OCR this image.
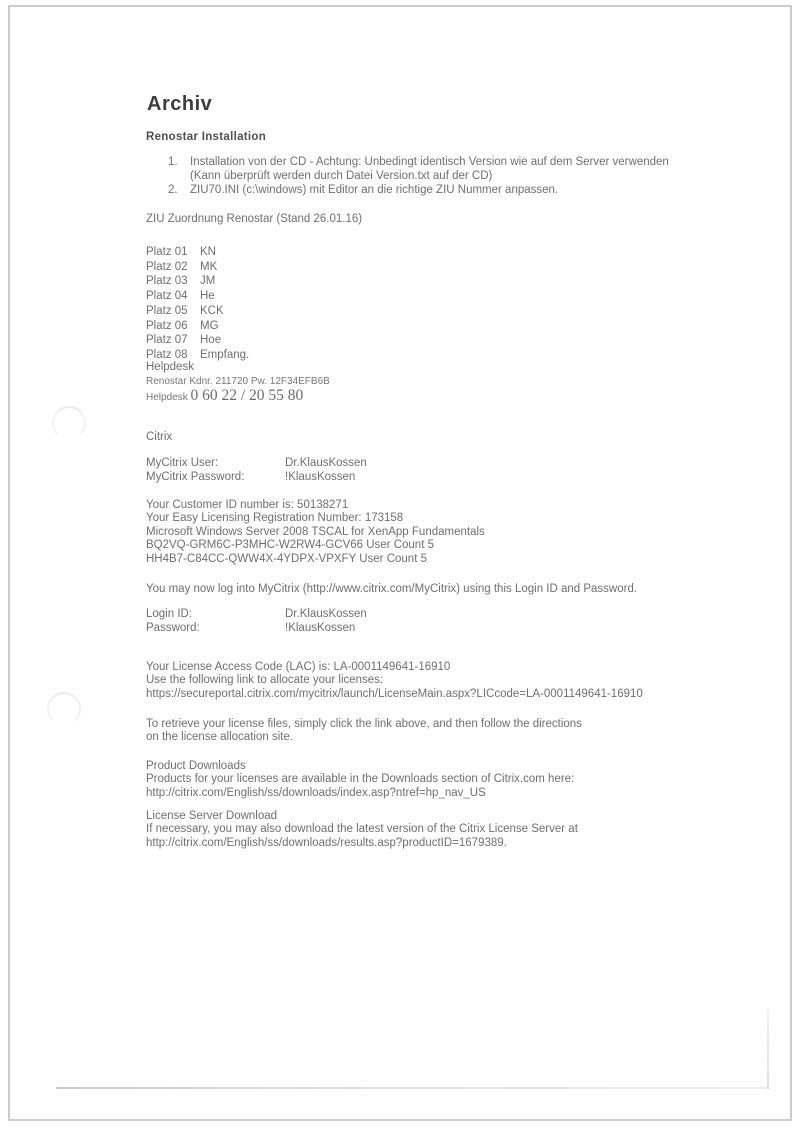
Archiv
Renostar Installation
1.	Installation von der CD - Achtung: Unbedingt identisch Version wie auf dem Server verwenden
(Kann überprüft werden durch Datei Version.txt auf der CD)
2.	ZIU70.INI (c:\windows) mit Editor an die richtige ZIU Nummer anpassen.
ZIU Zuordnung Renostar (Stand 26.01.16)
Platz 01	KN
Platz 02	MK
Platz 03	JM
Platz 04	He
Platz 05	KCK
Platz 06	MG
Platz 07	Hoe
Platz 08	Empfang.
Helpdesk
Renostar Kdnr. 211720 Pw. 12F34EFB6B
Helpdesk 0 60 22 / 20 55 80
Citrix
MyCitrix User:	Dr.KlausKossen
MyCitrix Password:	!KlausKossen
Your Customer ID number is: 50138271
Your Easy Licensing Registration Number: 173158
Microsoft Windows Server 2008 TSCAL for XenApp Fundamentals
BQ2VQ-GRM6C-P3MHC-W2RW4-GCV66 User Count 5
HH4B7-C84CC-QWW4X-4YDPX-VPXFY User Count 5
You may now log into MyCitrix (http://www.citrix.com/MyCitrix) using this Login ID and Password.
Login ID:	Dr.KlausKossen
Password:	!KlausKossen
Your License Access Code (LAC) is: LA-0001149641-16910
Use the following link to allocate your licenses:
https://secureportal.citrix.com/mycitrix/launch/LicenseMain.aspx?LICcode=LA-0001149641-16910
To retrieve your license files, simply click the link above, and then follow the directions
on the license allocation site.
Product Downloads
Products for your licenses are available in the Downloads section of Citrix.com here:
http://citrix.com/English/ss/downloads/index.asp?ntref=hp_nav_US
License Server Download
If necessary, you may also download the latest version of the Citrix License Server at
http://citrix.com/English/ss/downloads/results.asp?productID=1679389.
